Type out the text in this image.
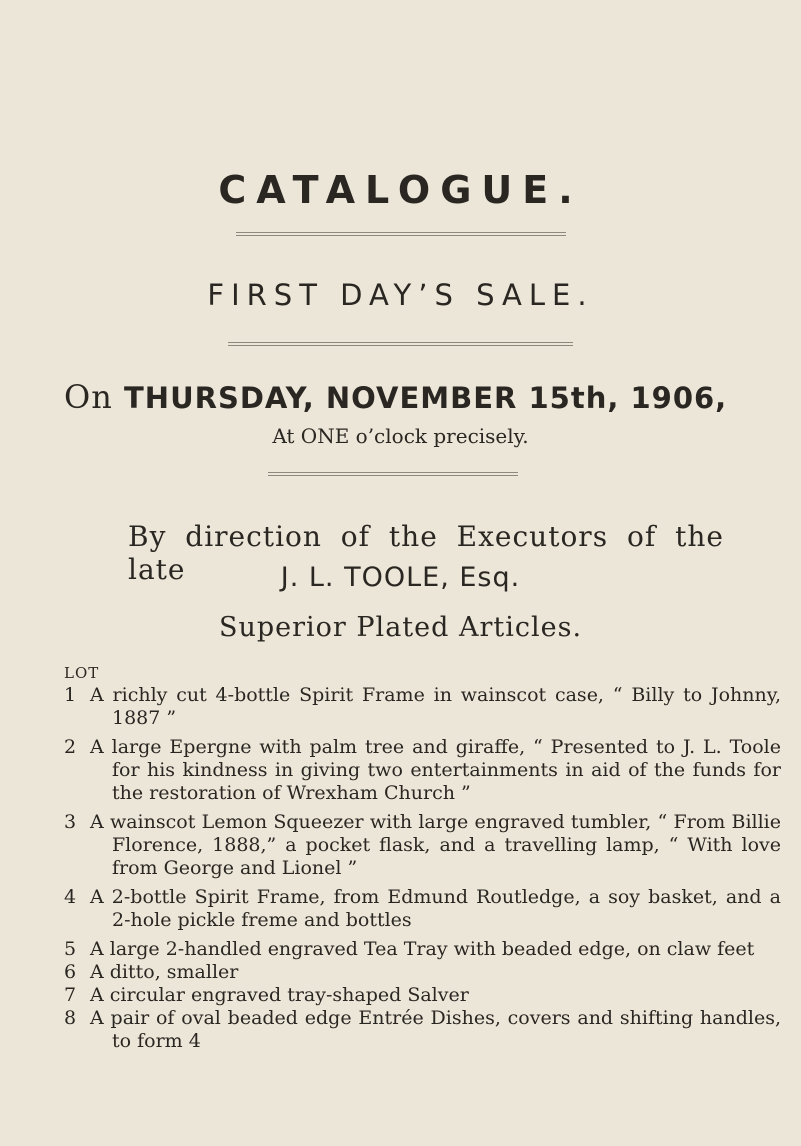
CATALOGUE.
FIRST DAY’S SALE.
On THURSDAY, NOVEMBER 15th, 1906,
At ONE o’clock precisely.
By direction of the Executors of the late	J. L. TOOLE, Esq.
Superior Plated Articles.
LOT
1 A richly cut 4-bottle Spirit Frame in wainscot case, “ Billy to Johnny, 1887 ”
2 A large Epergne with palm tree and giraffe, “ Presented to J. L. Toole for his kindness in giving two entertainments in aid of the funds for the restoration of Wrexham Church ”
3 A wainscot Lemon Squeezer with large engraved tumbler, “ From Billie Florence, 1888,” a pocket flask, and a travelling lamp, “ With love from George and Lionel ”
4 A 2-bottle Spirit Frame, from Edmund Routledge, a soy basket, and a 2-hole pickle freme and bottles
5 A large 2-handled engraved Tea Tray with beaded edge, on claw feet
6 A ditto, smaller
7 A circular engraved tray-shaped Salver
8 A pair of oval beaded edge Entrée Dishes, covers and shifting handles, to form 4
